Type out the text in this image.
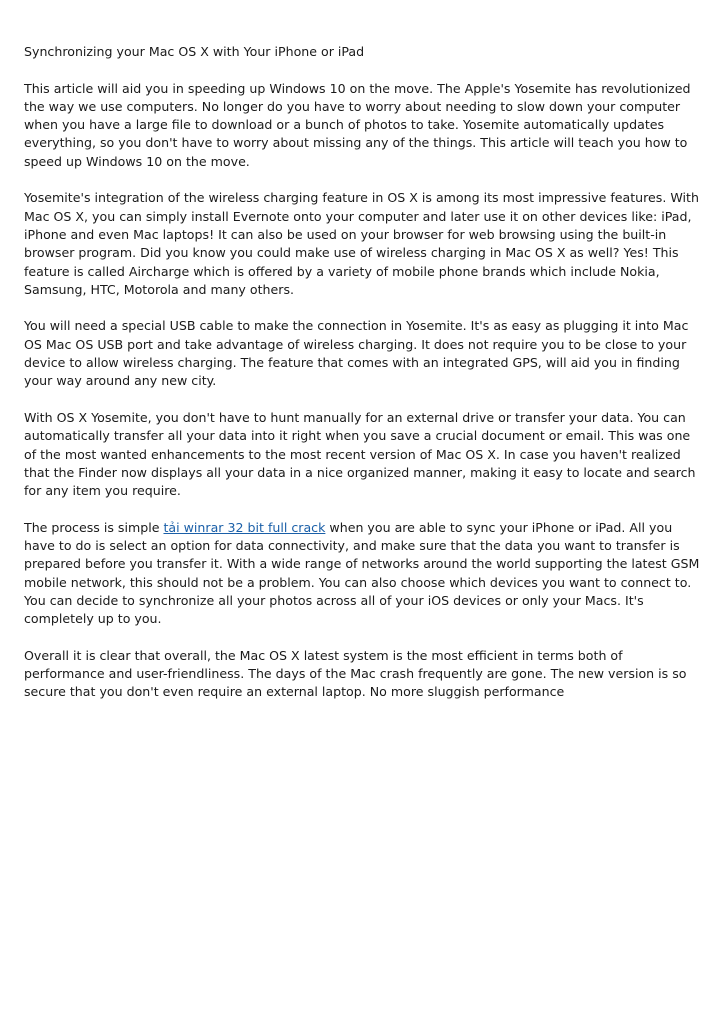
Synchronizing your Mac OS X with Your iPhone or iPad

This article will aid you in speeding up Windows 10 on the move. The Apple's Yosemite has revolutionized the way we use computers. No longer do you have to worry about needing to slow down your computer when you have a large file to download or a bunch of photos to take. Yosemite automatically updates everything, so you don't have to worry about missing any of the things. This article will teach you how to speed up Windows 10 on the move.

Yosemite's integration of the wireless charging feature in OS X is among its most impressive features. With Mac OS X, you can simply install Evernote onto your computer and later use it on other devices like: iPad, iPhone and even Mac laptops! It can also be used on your browser for web browsing using the built-in browser program. Did you know you could make use of wireless charging in Mac OS X as well? Yes! This feature is called Aircharge which is offered by a variety of mobile phone brands which include Nokia, Samsung, HTC, Motorola and many others.

You will need a special USB cable to make the connection in Yosemite. It's as easy as plugging it into Mac OS Mac OS USB port and take advantage of wireless charging. It does not require you to be close to your device to allow wireless charging. The feature that comes with an integrated GPS, will aid you in finding your way around any new city.

With OS X Yosemite, you don't have to hunt manually for an external drive or transfer your data. You can automatically transfer all your data into it right when you save a crucial document or email. This was one of the most wanted enhancements to the most recent version of Mac OS X. In case you haven't realized that the Finder now displays all your data in a nice organized manner, making it easy to locate and search for any item you require.

The process is simple tải winrar 32 bit full crack when you are able to sync your iPhone or iPad. All you have to do is select an option for data connectivity, and make sure that the data you want to transfer is prepared before you transfer it. With a wide range of networks around the world supporting the latest GSM mobile network, this should not be a problem. You can also choose which devices you want to connect to. You can decide to synchronize all your photos across all of your iOS devices or only your Macs. It's completely up to you.

Overall it is clear that overall, the Mac OS X latest system is the most efficient in terms both of performance and user-friendliness. The days of the Mac crash frequently are gone. The new version is so secure that you don't even require an external laptop. No more sluggish performance
